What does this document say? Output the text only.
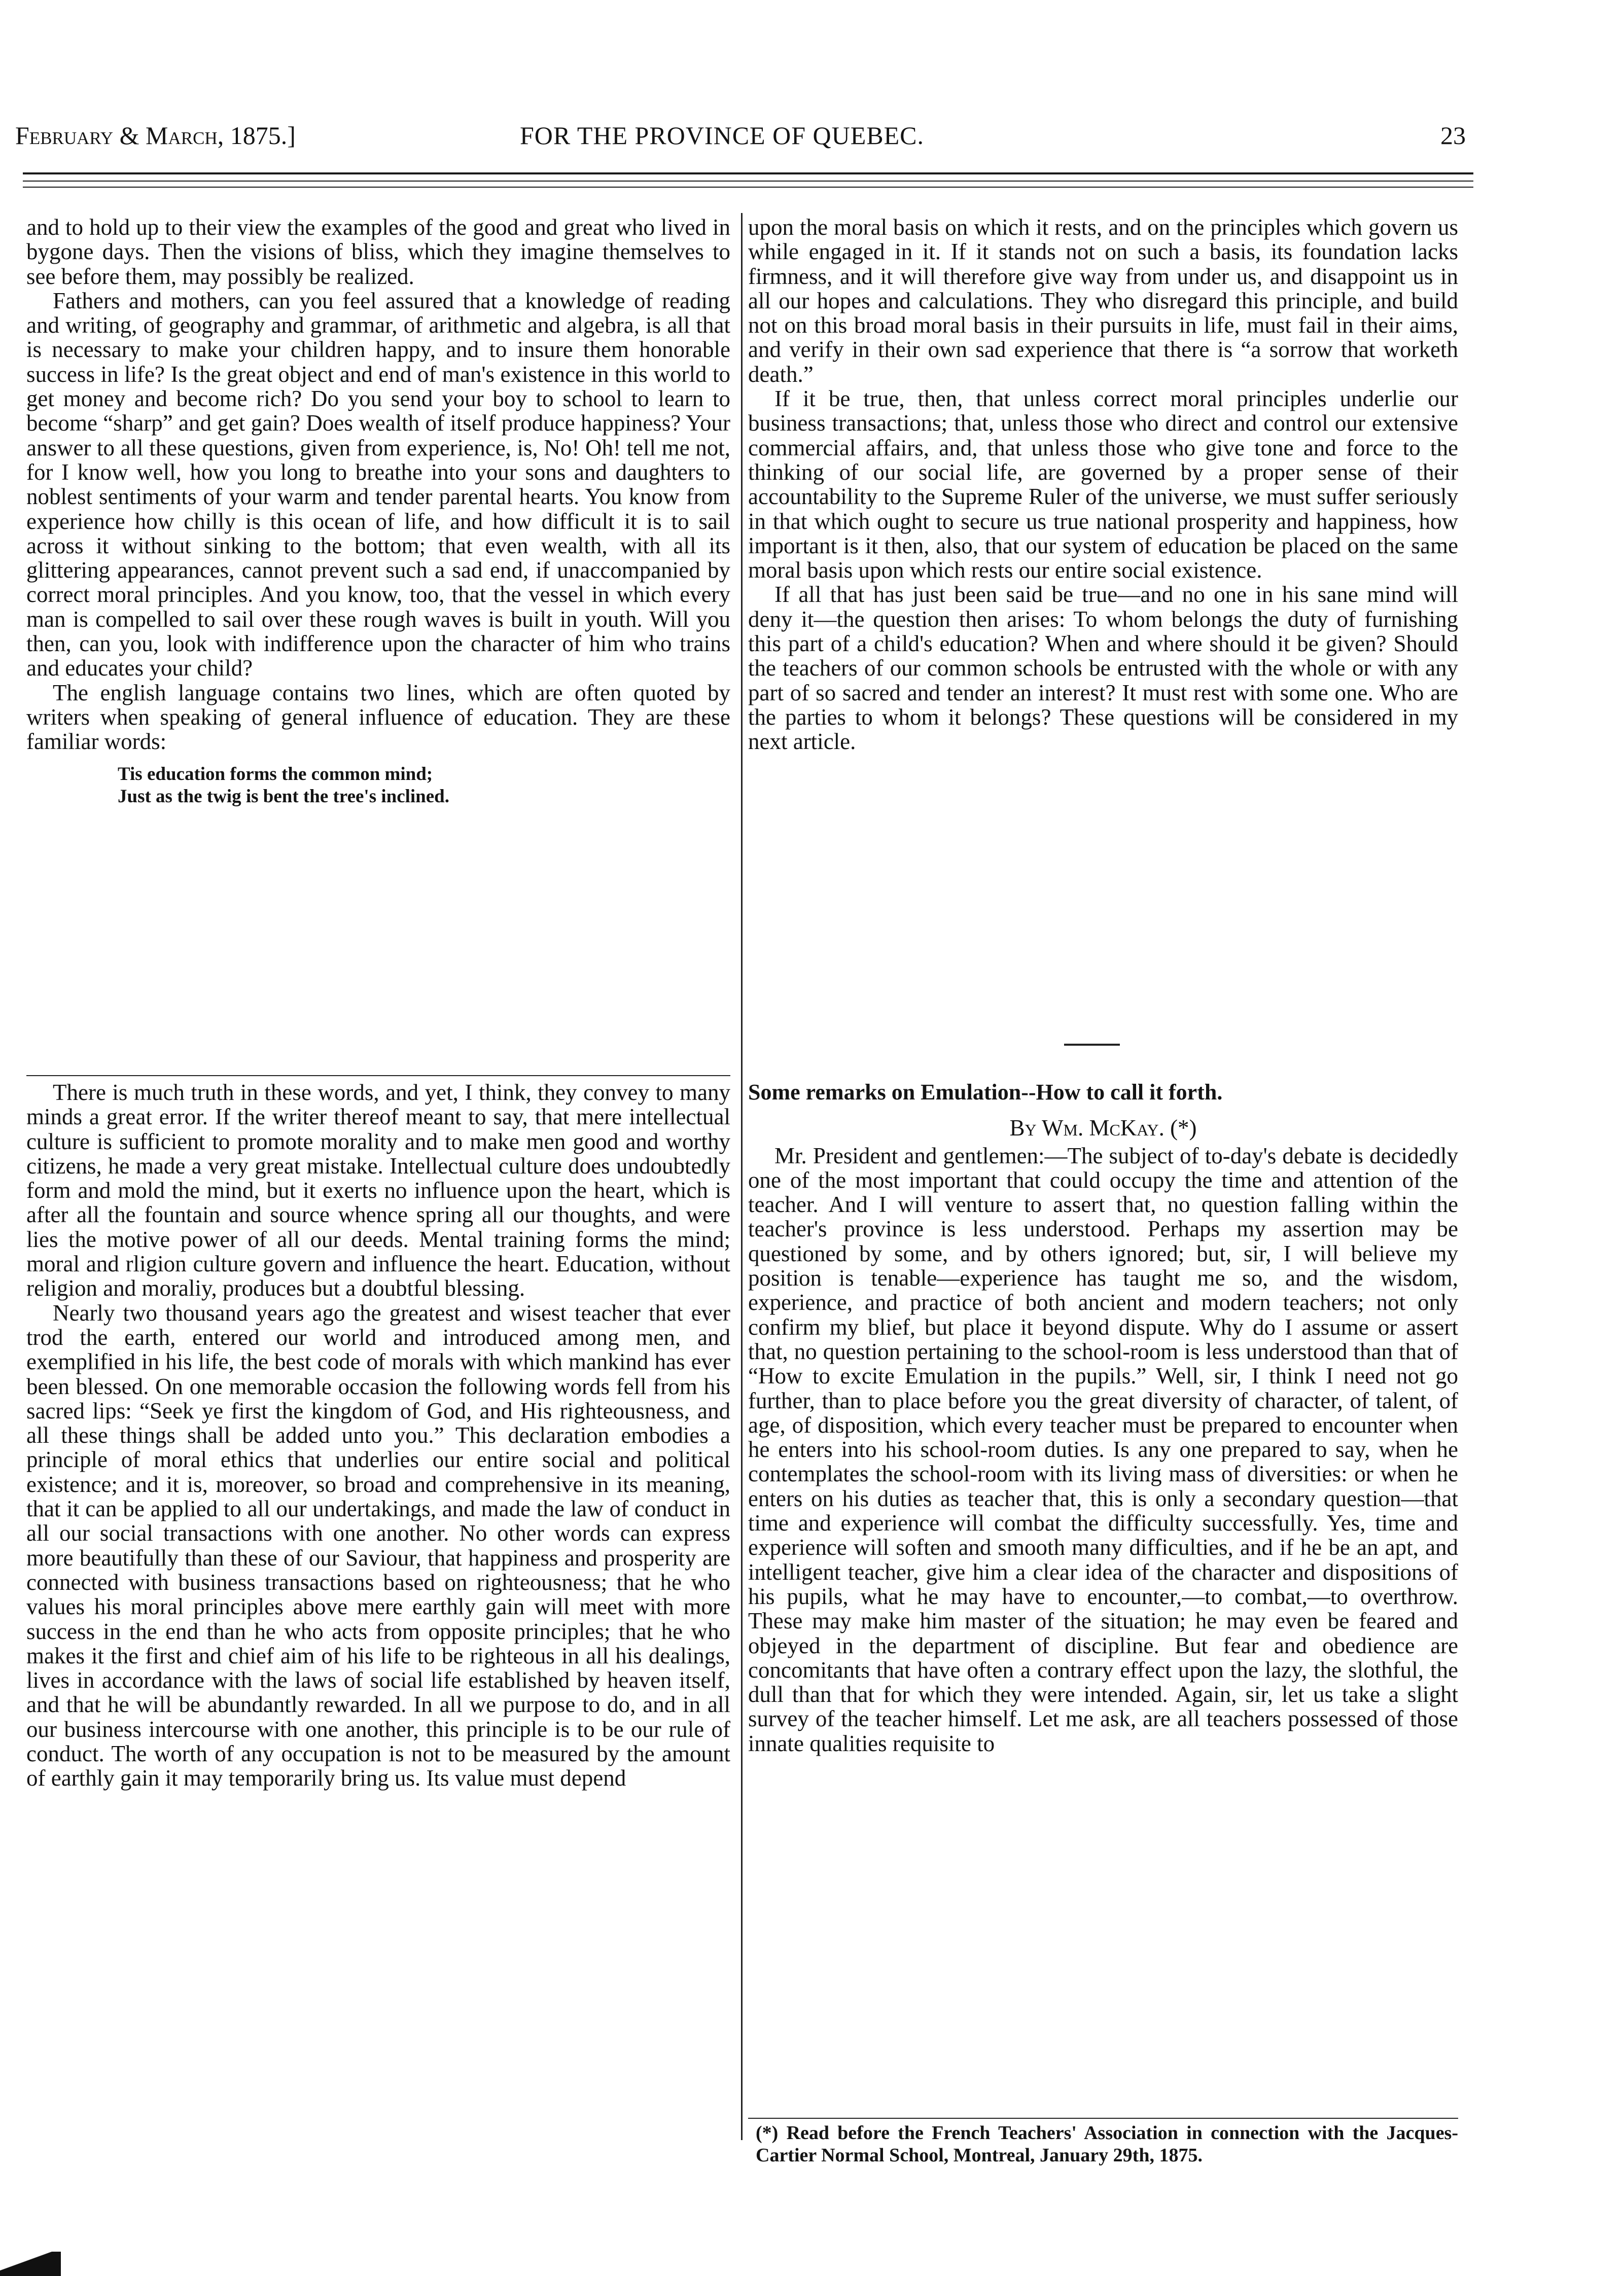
February & March, 1875.]	FOR THE PROVINCE OF QUEBEC.	23

and to hold up to their view the examples of the good and great who lived in bygone days. Then the visions of bliss, which they imagine themselves to see before them, may possibly be realized.

Fathers and mothers, can you feel assured that a knowledge of reading and writing, of geography and grammar, of arithmetic and algebra, is all that is necessary to make your children happy, and to insure them honorable success in life? Is the great object and end of man's existence in this world to get money and become rich? Do you send your boy to school to learn to become “sharp” and get gain? Does wealth of itself produce happiness? Your answer to all these questions, given from experience, is, No! Oh! tell me not, for I know well, how you long to breathe into your sons and daughters to noblest sentiments of your warm and tender parental hearts. You know from experience how chilly is this ocean of life, and how difficult it is to sail across it without sinking to the bottom; that even wealth, with all its glittering appearances, cannot prevent such a sad end, if unaccompanied by correct moral principles. And you know, too, that the vessel in which every man is compelled to sail over these rough waves is built in youth. Will you then, can you, look with indifference upon the character of him who trains and educates your child?

The english language contains two lines, which are often quoted by writers when speaking of general influence of education. They are these familiar words:

Tis education forms the common mind;
Just as the twig is bent the tree's inclined.

There is much truth in these words, and yet, I think, they convey to many minds a great error. If the writer thereof meant to say, that mere intellectual culture is sufficient to promote morality and to make men good and worthy citizens, he made a very great mistake. Intellectual culture does undoubtedly form and mold the mind, but it exerts no influence upon the heart, which is after all the fountain and source whence spring all our thoughts, and were lies the motive power of all our deeds. Mental training forms the mind; moral and rligion culture govern and influence the heart. Education, without religion and moraliy, produces but a doubtful blessing.

Nearly two thousand years ago the greatest and wisest teacher that ever trod the earth, entered our world and introduced among men, and exemplified in his life, the best code of morals with which mankind has ever been blessed. On one memorable occasion the following words fell from his sacred lips: “Seek ye first the kingdom of God, and His righteousness, and all these things shall be added unto you.” This declaration embodies a principle of moral ethics that underlies our entire social and political existence; and it is, moreover, so broad and comprehensive in its meaning, that it can be applied to all our undertakings, and made the law of conduct in all our social transactions with one another. No other words can express more beautifully than these of our Saviour, that happiness and prosperity are connected with business transactions based on righteousness; that he who values his moral principles above mere earthly gain will meet with more success in the end than he who acts from opposite principles; that he who makes it the first and chief aim of his life to be righteous in all his dealings, lives in accordance with the laws of social life established by heaven itself, and that he will be abundantly rewarded. In all we purpose to do, and in all our business intercourse with one another, this principle is to be our rule of conduct. The worth of any occupation is not to be measured by the amount of earthly gain it may temporarily bring us. Its value must depend

upon the moral basis on which it rests, and on the principles which govern us while engaged in it. If it stands not on such a basis, its foundation lacks firmness, and it will therefore give way from under us, and disappoint us in all our hopes and calculations. They who disregard this principle, and build not on this broad moral basis in their pursuits in life, must fail in their aims, and verify in their own sad experience that there is “a sorrow that worketh death.”

If it be true, then, that unless correct moral principles underlie our business transactions; that, unless those who direct and control our extensive commercial affairs, and, that unless those who give tone and force to the thinking of our social life, are governed by a proper sense of their accountability to the Supreme Ruler of the universe, we must suffer seriously in that which ought to secure us true national prosperity and happiness, how important is it then, also, that our system of education be placed on the same moral basis upon which rests our entire social existence.

If all that has just been said be true—and no one in his sane mind will deny it—the question then arises: To whom belongs the duty of furnishing this part of a child's education? When and where should it be given? Should the teachers of our common schools be entrusted with the whole or with any part of so sacred and tender an interest? It must rest with some one. Who are the parties to whom it belongs? These questions will be considered in my next article.

Some remarks on Emulation--How to call it forth.

By Wm. McKay. (*)

Mr. President and gentlemen:—The subject of to-day's debate is decidedly one of the most important that could occupy the time and attention of the teacher. And I will venture to assert that, no question falling within the teacher's province is less understood. Perhaps my assertion may be questioned by some, and by others ignored; but, sir, I will believe my position is tenable—experience has taught me so, and the wisdom, experience, and practice of both ancient and modern teachers; not only confirm my blief, but place it beyond dispute. Why do I assume or assert that, no question pertaining to the school-room is less understood than that of “How to excite Emulation in the pupils.” Well, sir, I think I need not go further, than to place before you the great diversity of character, of talent, of age, of disposition, which every teacher must be prepared to encounter when he enters into his school-room duties. Is any one prepared to say, when he contemplates the school-room with its living mass of diversities: or when he enters on his duties as teacher that, this is only a secondary question—that time and experience will combat the difficulty successfully. Yes, time and experience will soften and smooth many difficulties, and if he be an apt, and intelligent teacher, give him a clear idea of the character and dispositions of his pupils, what he may have to encounter,—to combat,—to overthrow. These may make him master of the situation; he may even be feared and objeyed in the department of discipline. But fear and obedience are concomitants that have often a contrary effect upon the lazy, the slothful, the dull than that for which they were intended. Again, sir, let us take a slight survey of the teacher himself. Let me ask, are all teachers possessed of those innate qualities requisite to

(*) Read before the French Teachers' Association in connection with the Jacques-Cartier Normal School, Montreal, January 29th, 1875.
